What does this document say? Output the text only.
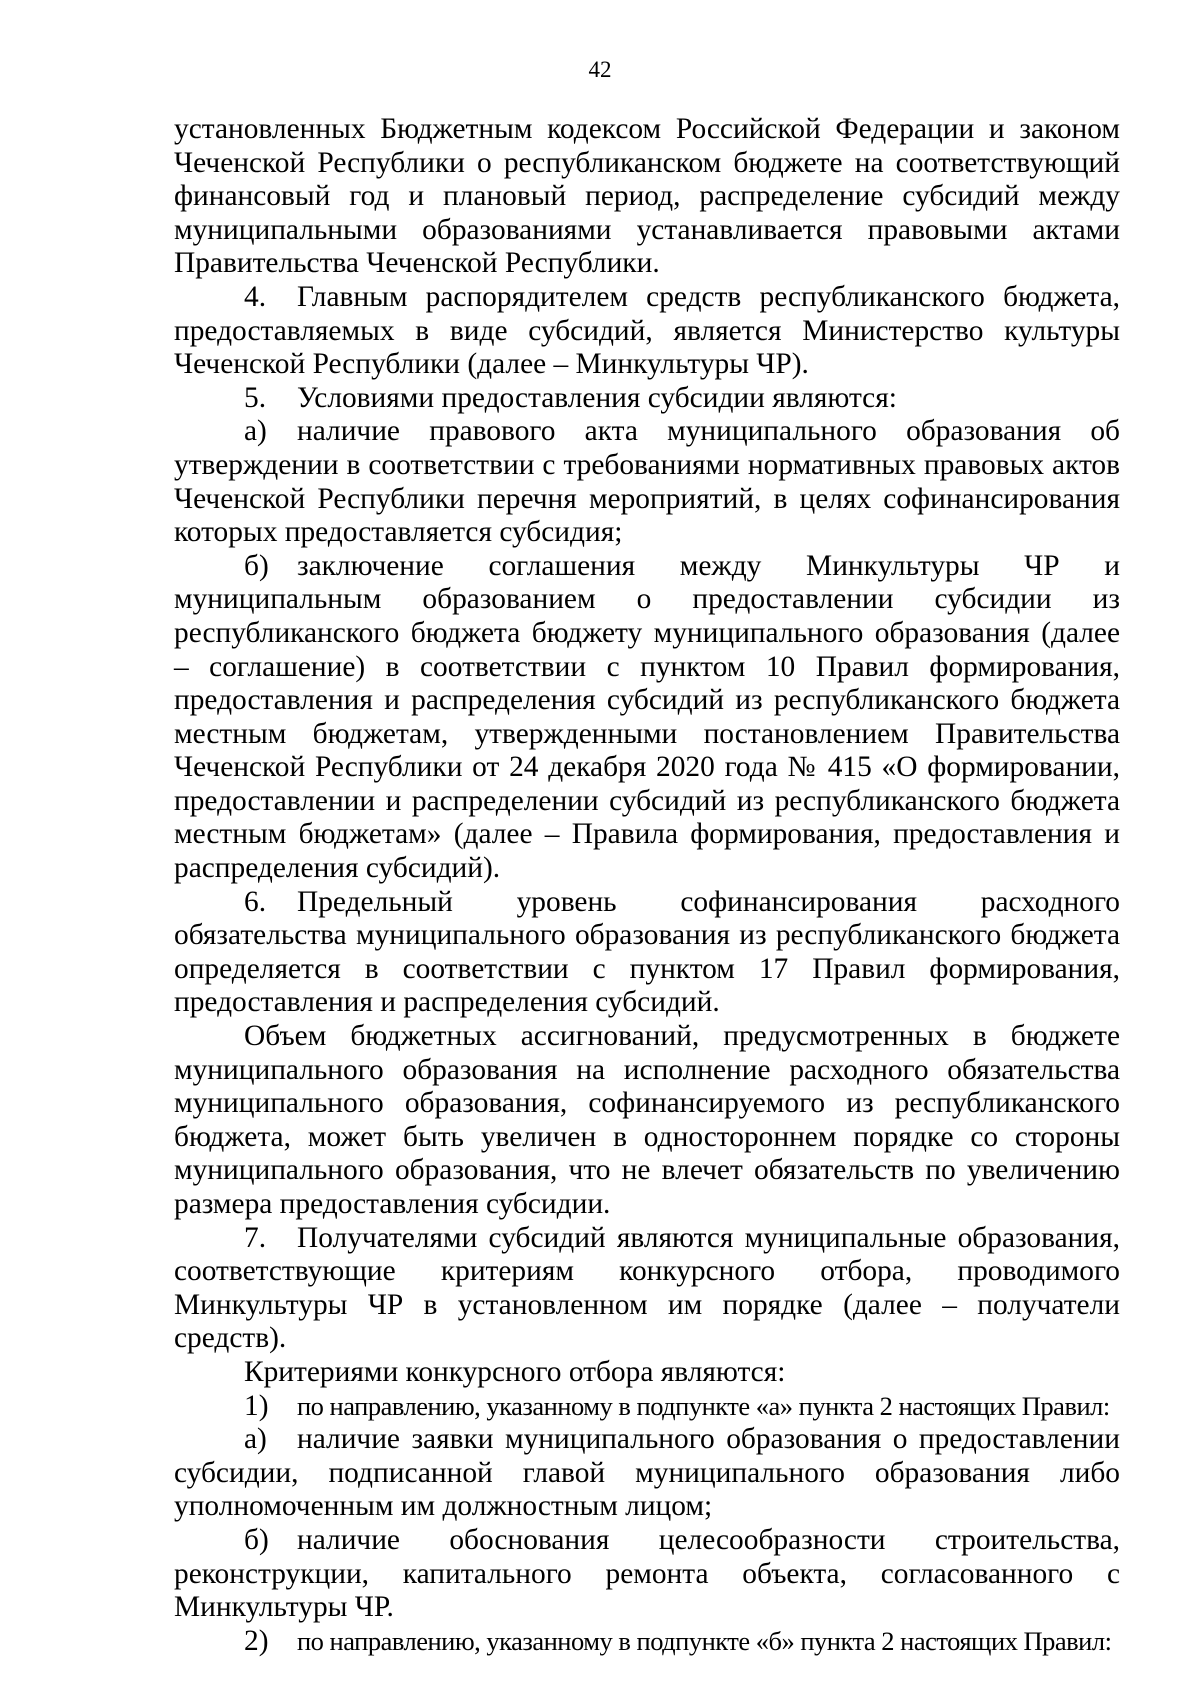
42

установленных Бюджетным кодексом Российской Федерации и законом Чеченской Республики о республиканском бюджете на соответствующий финансовый год и плановый период, распределение субсидий между муниципальными образованиями устанавливается правовыми актами Правительства Чеченской Республики.

4. Главным распорядителем средств республиканского бюджета, предоставляемых в виде субсидий, является Министерство культуры Чеченской Республики (далее – Минкультуры ЧР).

5. Условиями предоставления субсидии являются:

а) наличие правового акта муниципального образования об утверждении в соответствии с требованиями нормативных правовых актов Чеченской Республики перечня мероприятий, в целях софинансирования которых предоставляется субсидия;

б) заключение соглашения между Минкультуры ЧР и муниципальным образованием о предоставлении субсидии из республиканского бюджета бюджету муниципального образования (далее – соглашение) в соответствии с пунктом 10 Правил формирования, предоставления и распределения субсидий из республиканского бюджета местным бюджетам, утвержденными постановлением Правительства Чеченской Республики от 24 декабря 2020 года № 415 «О формировании, предоставлении и распределении субсидий из республиканского бюджета местным бюджетам» (далее – Правила формирования, предоставления и распределения субсидий).

6. Предельный уровень софинансирования расходного обязательства муниципального образования из республиканского бюджета определяется в соответствии с пунктом 17 Правил формирования, предоставления и распределения субсидий.

Объем бюджетных ассигнований, предусмотренных в бюджете муниципального образования на исполнение расходного обязательства муниципального образования, софинансируемого из республиканского бюджета, может быть увеличен в одностороннем порядке со стороны муниципального образования, что не влечет обязательств по увеличению размера предоставления субсидии.

7. Получателями субсидий являются муниципальные образования, соответствующие критериям конкурсного отбора, проводимого Минкультуры ЧР в установленном им порядке (далее – получатели средств).

Критериями конкурсного отбора являются:

1) по направлению, указанному в подпункте «а» пункта 2 настоящих Правил:

а) наличие заявки муниципального образования о предоставлении субсидии, подписанной главой муниципального образования либо уполномоченным им должностным лицом;

б) наличие обоснования целесообразности строительства, реконструкции, капитального ремонта объекта, согласованного с Минкультуры ЧР.

2) по направлению, указанному в подпункте «б» пункта 2 настоящих Правил:
